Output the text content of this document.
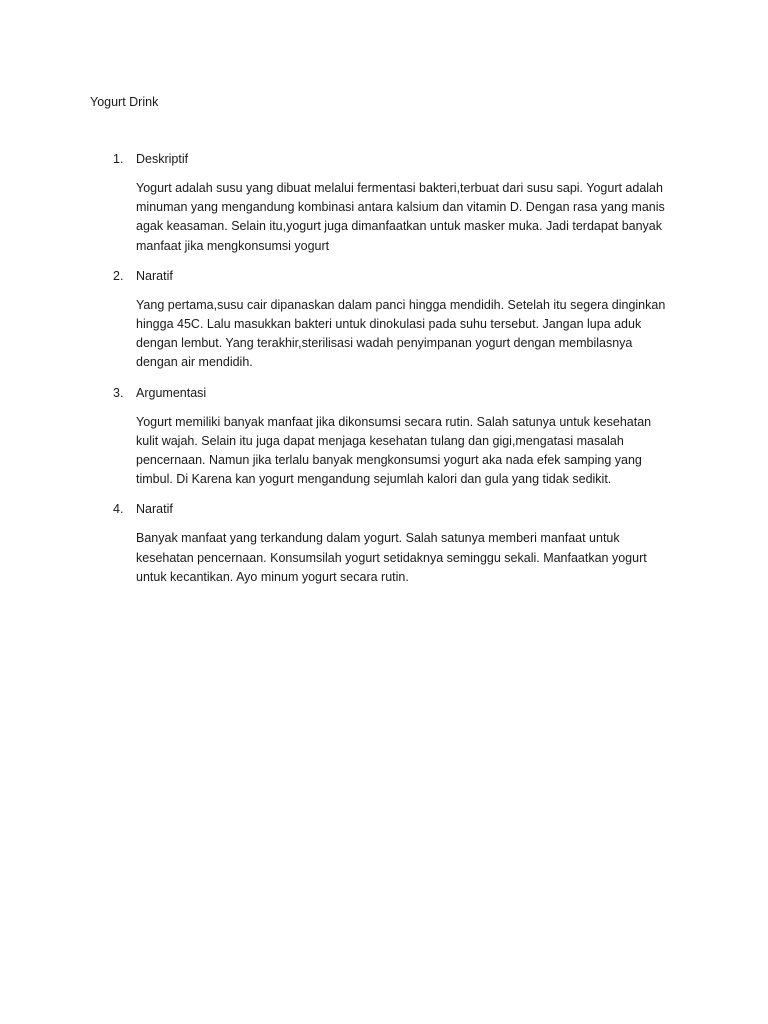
Yogurt Drink
1. Deskriptif

Yogurt adalah susu yang dibuat melalui fermentasi bakteri,terbuat dari susu sapi. Yogurt adalah minuman yang mengandung kombinasi antara kalsium dan vitamin D. Dengan rasa yang manis agak keasaman. Selain itu,yogurt juga dimanfaatkan untuk masker muka. Jadi terdapat banyak manfaat jika mengkonsumsi yogurt

2. Naratif

Yang pertama,susu cair dipanaskan dalam panci hingga mendidih. Setelah itu segera dinginkan hingga 45C. Lalu masukkan bakteri untuk dinokulasi pada suhu tersebut. Jangan lupa aduk dengan lembut. Yang terakhir,sterilisasi wadah penyimpanan yogurt dengan membilasnya dengan air mendidih.

3. Argumentasi

Yogurt memiliki banyak manfaat jika dikonsumsi secara rutin. Salah satunya untuk kesehatan kulit wajah. Selain itu juga dapat menjaga kesehatan tulang dan gigi,mengatasi masalah pencernaan. Namun jika terlalu banyak mengkonsumsi yogurt aka nada efek samping yang timbul. Di Karena kan yogurt mengandung sejumlah kalori dan gula yang tidak sedikit.

4. Naratif

Banyak manfaat yang terkandung dalam yogurt. Salah satunya memberi manfaat untuk kesehatan pencernaan. Konsumsilah yogurt setidaknya seminggu sekali. Manfaatkan yogurt untuk kecantikan. Ayo minum yogurt secara rutin.
